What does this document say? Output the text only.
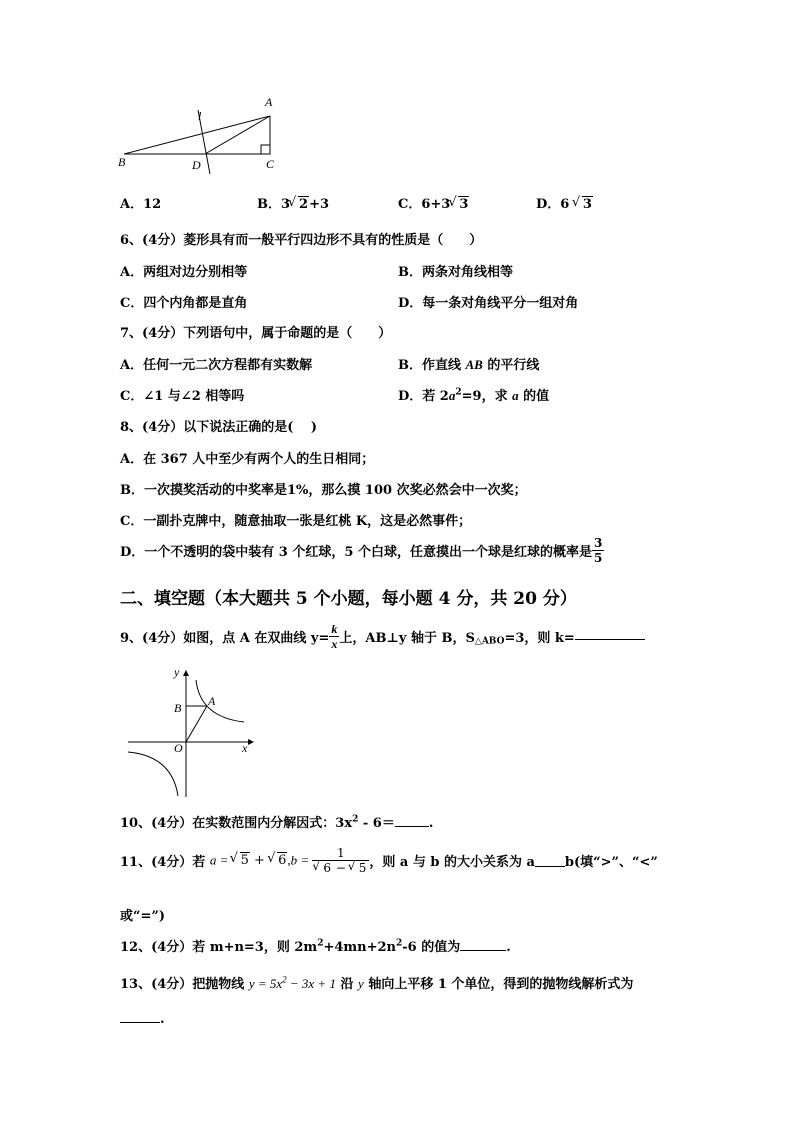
A
B	C
D
l
A．12	B．3 √ 2+3	C．6+3 √ 3	D．6 √ 3
6、(4分）菱形具有而一般平行四边形不具有的性质是（　　）
A．两组对边分别相等	B．两条对角线相等
C．四个内角都是直角	D．每一条对角线平分一组对角
7、(4分）下列语句中，属于命题的是（　　）
A．任何一元二次方程都有实数解	B．作直线 AB 的平行线
C．∠1 与∠2 相等吗	D．若 $2a^2=9$，求 a 的值
8、(4分）以下说法正确的是(　 )
A．在 367 人中至少有两个人的生日相同；
B．一次摸奖活动的中奖率是1%，那么摸 100 次奖必然会中一次奖；
C．一副扑克牌中，随意抽取一张是红桃 K，这是必然事件；
D．一个不透明的袋中装有 3 个红球，5 个白球，任意摸出一个球是红球的概率是 $\frac{3}{5}$
二、填空题（本大题共 5 个小题，每小题 4 分，共 20 分）
9、(4分）如图，点 A 在双曲线 $y= \frac{k}{x}$ 上，AB⊥y 轴于 B，$S_{\triangle ABO}=3$，则 k=
y
x
B A
O
10、(4分）在实数范围内分解因式：$3x^2 - 6=$	.
11、(4分）若 a = √ 5 + √ 6,b = 1
√ 6 − √ 5 ，则 a 与 b 的大小关系为 a b(填“>”、“<”
或“=”)
12、(4分）若 m+n=3，则 $2m^2+4mn+2n^2-6$ 的值为	.
13、(4分）把抛物线 $y = 5x^2 - 3x + 1$ 沿 y 轴向上平移 1 个单位，得到的抛物线解析式为
.
